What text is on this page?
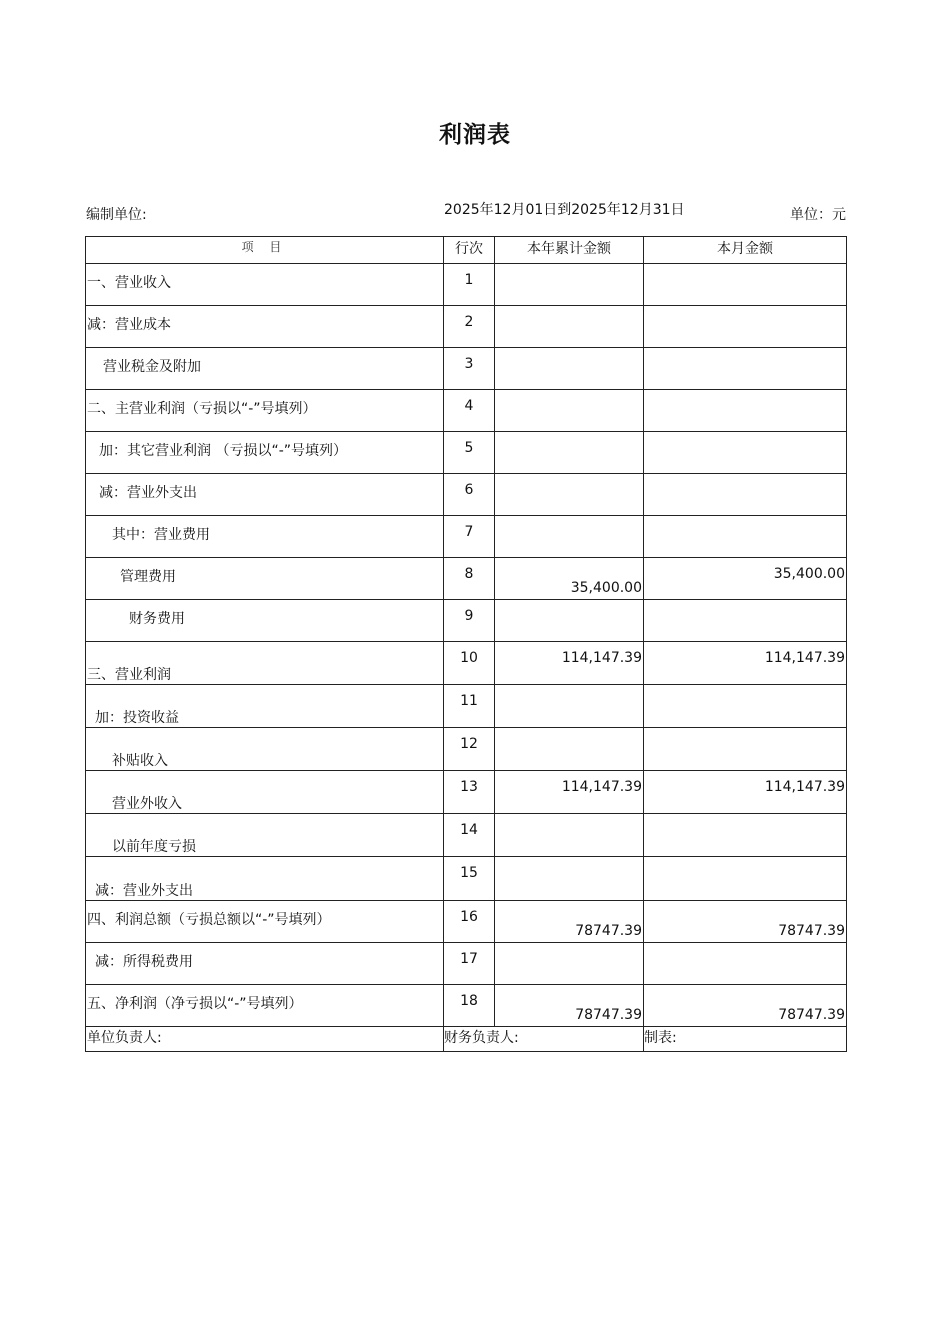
利润表
编制单位:	2025年12月01日到2025年12月31日	单位：元
项 目	行次	本年累计金额	本月金额

一、营业收入	1		

减：营业成本	2		

营业税金及附加	3		

二、主营业利润（亏损以“-”号填列）	4		

加：其它营业利润 （亏损以“-”号填列）	5		

减：营业外支出	6		

其中：营业费用	7		

管理费用	8	35,400.00	35,400.00

财务费用	9		

三、营业利润	10	114,147.39	114,147.39

加：投资收益	11		

补贴收入	12		

营业外收入	13	114,147.39	114,147.39

以前年度亏损	14		

减：营业外支出	15		

四、利润总额（亏损总额以“-”号填列）	16	78747.39	78747.39

减：所得税费用	17		

五、净利润（净亏损以“-”号填列）	18	78747.39	78747.39

单位负责人:	财务负责人:		制表:
